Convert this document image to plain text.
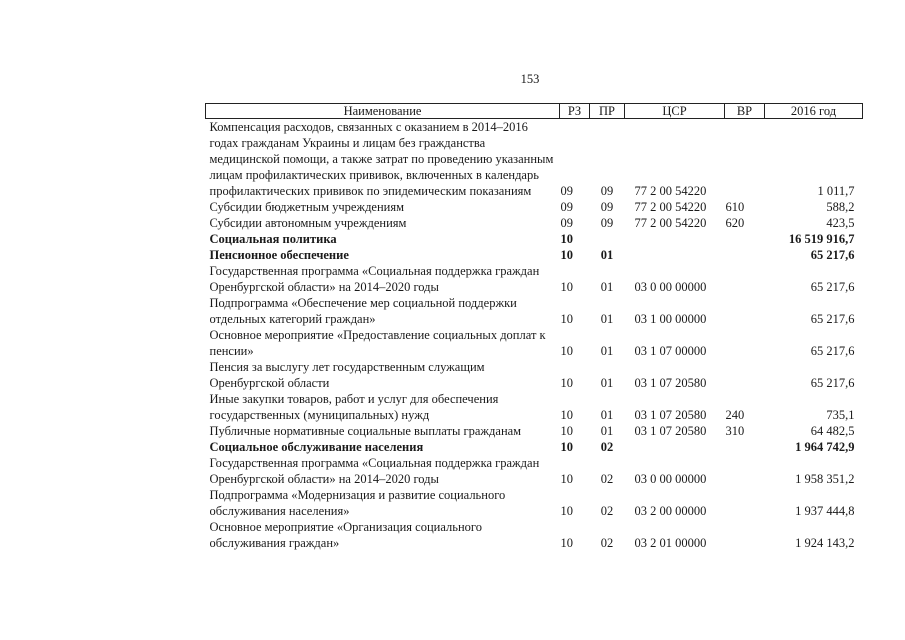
153
Наименование	РЗ	ПР	ЦСР	ВР	2016 год
Компенсация расходов, связанных с оказанием в 2014–2016 годах гражданам Украины и лицам без гражданства медицинской помощи, а также затрат по проведению указанным лицам профилактических прививок, включенных в календарь профилактических прививок по эпидемическим показаниям	09	09	77 2 00 54220		1 011,7
Субсидии бюджетным учреждениям	09	09	77 2 00 54220	610	588,2
Субсидии автономным учреждениям	09	09	77 2 00 54220	620	423,5
Социальная политика	10				16 519 916,7
Пенсионное обеспечение	10	01			65 217,6
Государственная программа «Социальная поддержка граждан Оренбургской области» на 2014–2020 годы	10	01	03 0 00 00000		65 217,6
Подпрограмма «Обеспечение мер социальной поддержки отдельных категорий граждан»	10	01	03 1 00 00000		65 217,6
Основное мероприятие «Предоставление социальных доплат к пенсии»	10	01	03 1 07 00000		65 217,6
Пенсия за выслугу лет государственным служащим Оренбургской области	10	01	03 1 07 20580		65 217,6
Иные закупки товаров, работ и услуг для обеспечения государственных (муниципальных) нужд	10	01	03 1 07 20580	240	735,1
Публичные нормативные социальные выплаты гражданам	10	01	03 1 07 20580	310	64 482,5
Социальное обслуживание населения	10	02			1 964 742,9
Государственная программа «Социальная поддержка граждан Оренбургской области» на 2014–2020 годы	10	02	03 0 00 00000		1 958 351,2
Подпрограмма «Модернизация и развитие социального обслуживания населения»	10	02	03 2 00 00000		1 937 444,8
Основное мероприятие «Организация социального обслуживания граждан»	10	02	03 2 01 00000		1 924 143,2
